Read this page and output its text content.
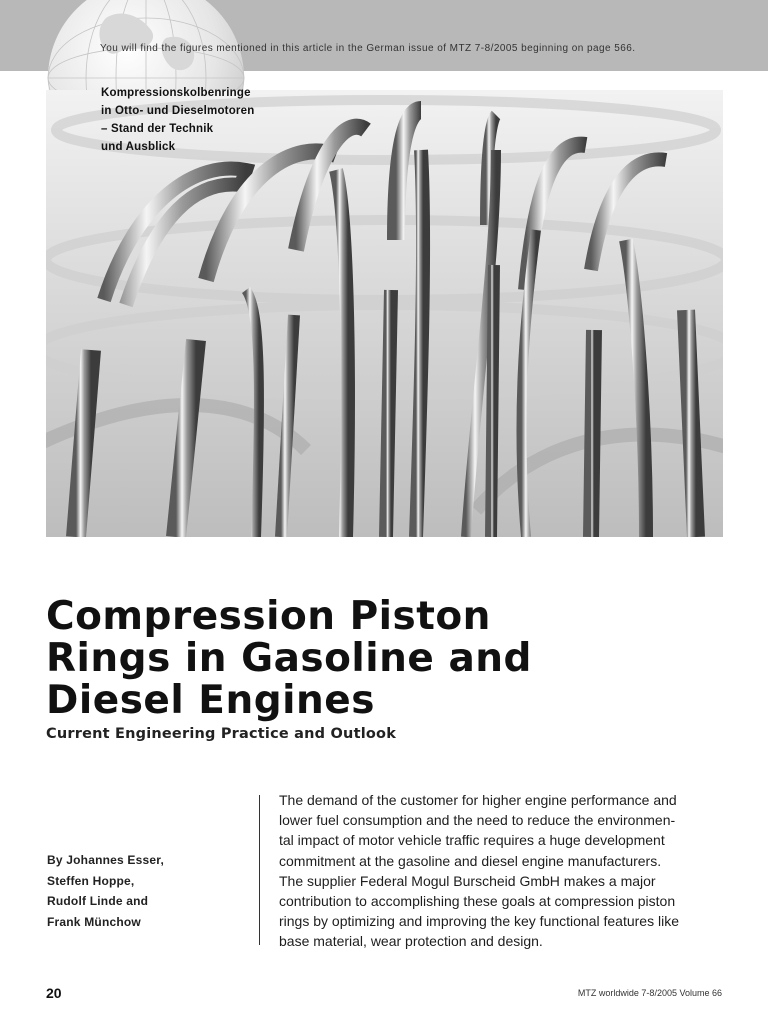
You will find the figures mentioned in this article in the German issue of MTZ 7-8/2005 beginning on page 566.
Kompressionskolbenringe
in Otto- und Dieselmotoren
– Stand der Technik
und Ausblick
Compression Piston
Rings in Gasoline and
Diesel Engines
Current Engineering Practice and Outlook
By Johannes Esser,
Steffen Hoppe,
Rudolf Linde and
Frank Münchow
The demand of the customer for higher engine performance and
lower fuel consumption and the need to reduce the environmen-
tal impact of motor vehicle traffic requires a huge development
commitment at the gasoline and diesel engine manufacturers.
The supplier Federal Mogul Burscheid GmbH makes a major
contribution to accomplishing these goals at compression piston
rings by optimizing and improving the key functional features like
base material, wear protection and design.
20	MTZ worldwide 7-8/2005 Volume 66
